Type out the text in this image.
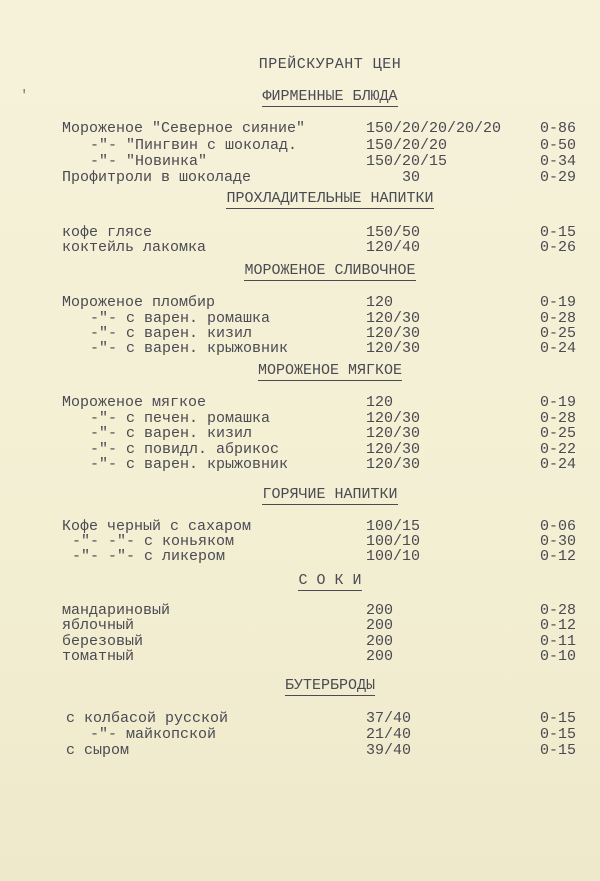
′
ПРЕЙСКУРАНТ ЦЕН
ФИРМЕННЫЕ БЛЮДА
Мороженое "Северное сияние"	150/20/20/20/20	0-86
-"- "Пингвин с шоколад.	150/20/20	0-50
-"- "Новинка"	150/20/15	0-34
Профитроли в шоколаде	30	0-29
ПРОХЛАДИТЕЛЬНЫЕ НАПИТКИ
кофе глясе	150/50	0-15
коктейль лакомка	120/40	0-26
МОРОЖЕНОЕ СЛИВОЧНОЕ
Мороженое пломбир	120	0-19
-"- с варен. ромашка	120/30	0-28
-"- с варен. кизил	120/30	0-25
-"- с варен. крыжовник	120/30	0-24
МОРОЖЕНОЕ МЯГКОЕ
Мороженое мягкое	120	0-19
-"- с печен. ромашка	120/30	0-28
-"- с варен. кизил	120/30	0-25
-"- с повидл. абрикос	120/30	0-22
-"- с варен. крыжовник	120/30	0-24
ГОРЯЧИЕ НАПИТКИ
Кофе черный с сахаром	100/15	0-06
-"- -"- с коньяком	100/10	0-30
-"- -"- с ликером	100/10	0-12
С О К И
мандариновый	200	0-28
яблочный	200	0-12
березовый	200	0-11
томатный	200	0-10
БУТЕРБРОДЫ
с колбасой русской	37/40	0-15
-"- майкопской	21/40	0-15
с сыром	39/40	0-15
